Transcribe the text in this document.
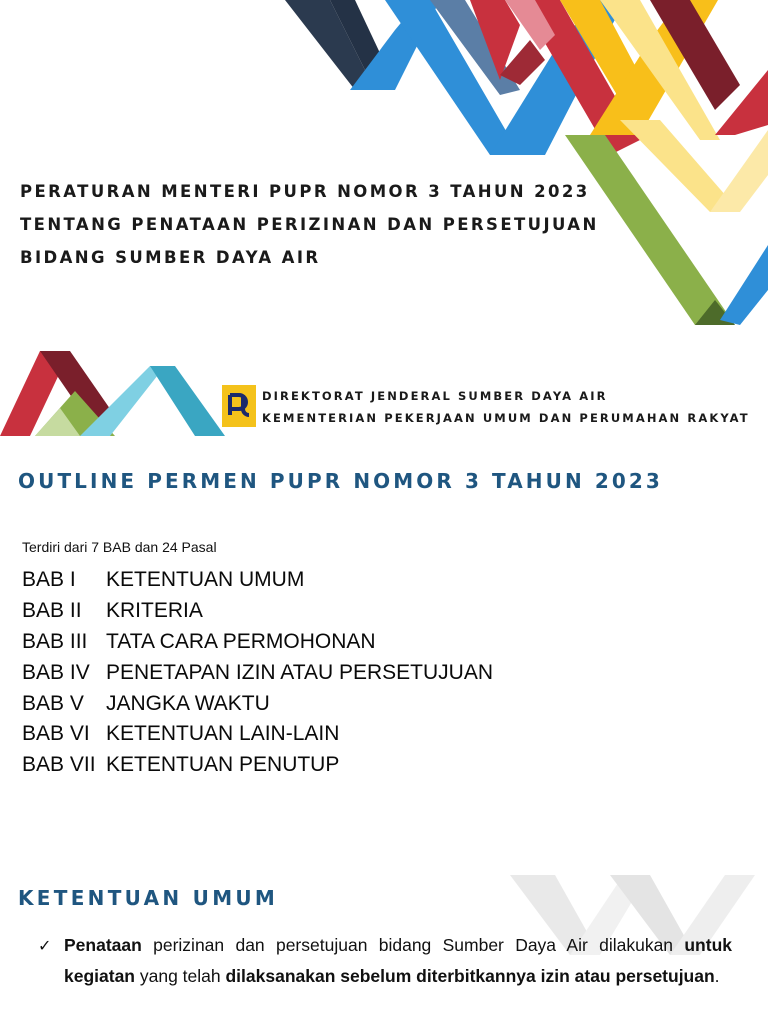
PERATURAN MENTERI PUPR NOMOR 3 TAHUN 2023
TENTANG PENATAAN PERIZINAN DAN PERSETUJUAN
BIDANG SUMBER DAYA AIR
DIREKTORAT JENDERAL SUMBER DAYA AIR
KEMENTERIAN PEKERJAAN UMUM DAN PERUMAHAN RAKYAT
OUTLINE PERMEN PUPR NOMOR 3 TAHUN 2023
Terdiri dari 7 BAB dan 24 Pasal
BAB I	KETENTUAN UMUM
BAB II	KRITERIA
BAB III TATA CARA PERMOHONAN
BAB IV PENETAPAN IZIN ATAU PERSETUJUAN
BAB V	JANGKA WAKTU
BAB VI KETENTUAN LAIN-LAIN
BAB VII KETENTUAN PENUTUP
KETENTUAN UMUM
✓ Penataan perizinan dan persetujuan bidang Sumber Daya Air dilakukan untuk kegiatan yang telah dilaksanakan sebelum diterbitkannya izin atau persetujuan.
